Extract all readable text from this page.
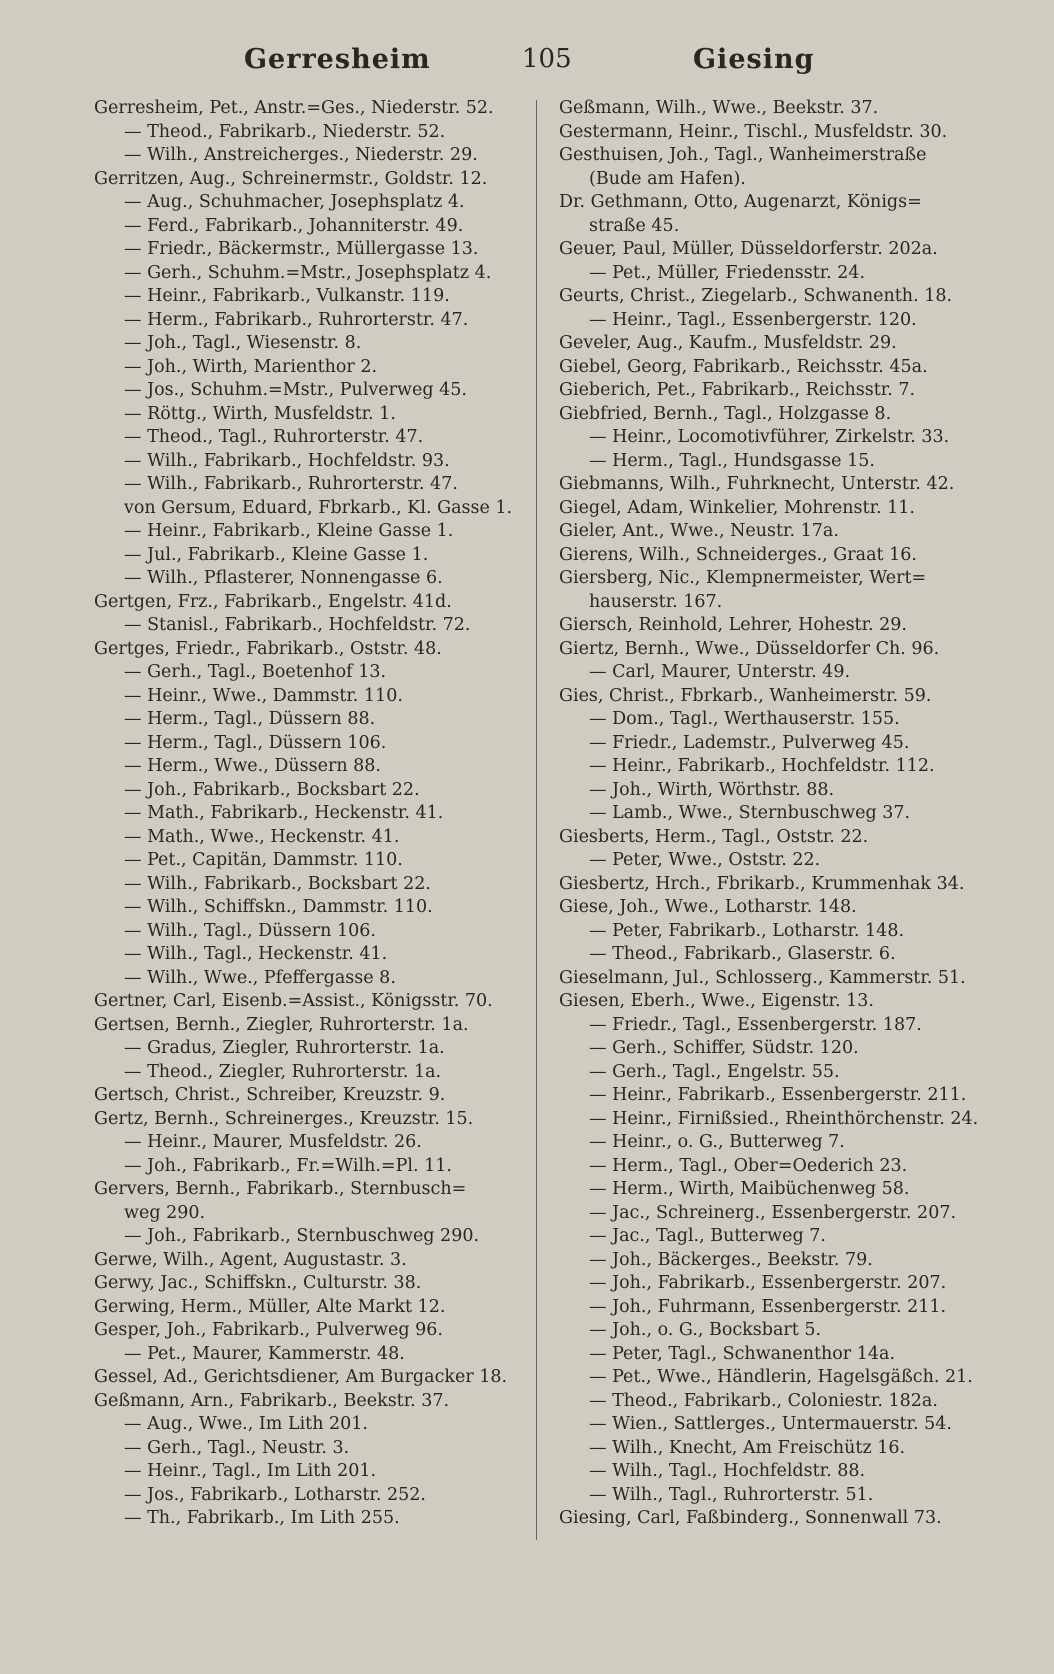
Gerresheim	105	Giesing
Gerresheim, Pet., Anstr.=Ges., Niederstr. 52.
— Theod., Fabrikarb., Niederstr. 52.
— Wilh., Anstreicherges., Niederstr. 29.
Gerritzen, Aug., Schreinermstr., Goldstr. 12.
— Aug., Schuhmacher, Josephsplatz 4.
— Ferd., Fabrikarb., Johanniterstr. 49.
— Friedr., Bäckermstr., Müllergasse 13.
— Gerh., Schuhm.=Mstr., Josephsplatz 4.
— Heinr., Fabrikarb., Vulkanstr. 119.
— Herm., Fabrikarb., Ruhrorterstr. 47.
— Joh., Tagl., Wiesenstr. 8.
— Joh., Wirth, Marienthor 2.
— Jos., Schuhm.=Mstr., Pulverweg 45.
— Röttg., Wirth, Musfeldstr. 1.
— Theod., Tagl., Ruhrorterstr. 47.
— Wilh., Fabrikarb., Hochfeldstr. 93.
— Wilh., Fabrikarb., Ruhrorterstr. 47.
von Gersum, Eduard, Fbrkarb., Kl. Gasse 1.
— Heinr., Fabrikarb., Kleine Gasse 1.
— Jul., Fabrikarb., Kleine Gasse 1.
— Wilh., Pflasterer, Nonnengasse 6.
Gertgen, Frz., Fabrikarb., Engelstr. 41d.
— Stanisl., Fabrikarb., Hochfeldstr. 72.
Gertges, Friedr., Fabrikarb., Oststr. 48.
— Gerh., Tagl., Boetenhof 13.
— Heinr., Wwe., Dammstr. 110.
— Herm., Tagl., Düssern 88.
— Herm., Tagl., Düssern 106.
— Herm., Wwe., Düssern 88.
— Joh., Fabrikarb., Bocksbart 22.
— Math., Fabrikarb., Heckenstr. 41.
— Math., Wwe., Heckenstr. 41.
— Pet., Capitän, Dammstr. 110.
— Wilh., Fabrikarb., Bocksbart 22.
— Wilh., Schiffskn., Dammstr. 110.
— Wilh., Tagl., Düssern 106.
— Wilh., Tagl., Heckenstr. 41.
— Wilh., Wwe., Pfeffergasse 8.
Gertner, Carl, Eisenb.=Assist., Königsstr. 70.
Gertsen, Bernh., Ziegler, Ruhrorterstr. 1a.
— Gradus, Ziegler, Ruhrorterstr. 1a.
— Theod., Ziegler, Ruhrorterstr. 1a.
Gertsch, Christ., Schreiber, Kreuzstr. 9.
Gertz, Bernh., Schreinerges., Kreuzstr. 15.
— Heinr., Maurer, Musfeldstr. 26.
— Joh., Fabrikarb., Fr.=Wilh.=Pl. 11.
Gervers, Bernh., Fabrikarb., Sternbusch=
weg 290.
— Joh., Fabrikarb., Sternbuschweg 290.
Gerwe, Wilh., Agent, Augustastr. 3.
Gerwy, Jac., Schiffskn., Culturstr. 38.
Gerwing, Herm., Müller, Alte Markt 12.
Gesper, Joh., Fabrikarb., Pulverweg 96.
— Pet., Maurer, Kammerstr. 48.
Gessel, Ad., Gerichtsdiener, Am Burgacker 18.
Geßmann, Arn., Fabrikarb., Beekstr. 37.
— Aug., Wwe., Im Lith 201.
— Gerh., Tagl., Neustr. 3.
— Heinr., Tagl., Im Lith 201.
— Jos., Fabrikarb., Lotharstr. 252.
— Th., Fabrikarb., Im Lith 255.
Geßmann, Wilh., Wwe., Beekstr. 37.
Gestermann, Heinr., Tischl., Musfeldstr. 30.
Gesthuisen, Joh., Tagl., Wanheimerstraße
(Bude am Hafen).
Dr. Gethmann, Otto, Augenarzt, Königs=
straße 45.
Geuer, Paul, Müller, Düsseldorferstr. 202a.
— Pet., Müller, Friedensstr. 24.
Geurts, Christ., Ziegelarb., Schwanenth. 18.
— Heinr., Tagl., Essenbergerstr. 120.
Geveler, Aug., Kaufm., Musfeldstr. 29.
Giebel, Georg, Fabrikarb., Reichsstr. 45a.
Gieberich, Pet., Fabrikarb., Reichsstr. 7.
Giebfried, Bernh., Tagl., Holzgasse 8.
— Heinr., Locomotivführer, Zirkelstr. 33.
— Herm., Tagl., Hundsgasse 15.
Giebmanns, Wilh., Fuhrknecht, Unterstr. 42.
Giegel, Adam, Winkelier, Mohrenstr. 11.
Gieler, Ant., Wwe., Neustr. 17a.
Gierens, Wilh., Schneiderges., Graat 16.
Giersberg, Nic., Klempnermeister, Wert=
hauserstr. 167.
Giersch, Reinhold, Lehrer, Hohestr. 29.
Giertz, Bernh., Wwe., Düsseldorfer Ch. 96.
— Carl, Maurer, Unterstr. 49.
Gies, Christ., Fbrkarb., Wanheimerstr. 59.
— Dom., Tagl., Werthauserstr. 155.
— Friedr., Lademstr., Pulverweg 45.
— Heinr., Fabrikarb., Hochfeldstr. 112.
— Joh., Wirth, Wörthstr. 88.
— Lamb., Wwe., Sternbuschweg 37.
Giesberts, Herm., Tagl., Oststr. 22.
— Peter, Wwe., Oststr. 22.
Giesbertz, Hrch., Fbrikarb., Krummenhak 34.
Giese, Joh., Wwe., Lotharstr. 148.
— Peter, Fabrikarb., Lotharstr. 148.
— Theod., Fabrikarb., Glaserstr. 6.
Gieselmann, Jul., Schlosserg., Kammerstr. 51.
Giesen, Eberh., Wwe., Eigenstr. 13.
— Friedr., Tagl., Essenbergerstr. 187.
— Gerh., Schiffer, Südstr. 120.
— Gerh., Tagl., Engelstr. 55.
— Heinr., Fabrikarb., Essenbergerstr. 211.
— Heinr., Firnißsied., Rheinthörchenstr. 24.
— Heinr., o. G., Butterweg 7.
— Herm., Tagl., Ober=Oederich 23.
— Herm., Wirth, Maibüchenweg 58.
— Jac., Schreinerg., Essenbergerstr. 207.
— Jac., Tagl., Butterweg 7.
— Joh., Bäckerges., Beekstr. 79.
— Joh., Fabrikarb., Essenbergerstr. 207.
— Joh., Fuhrmann, Essenbergerstr. 211.
— Joh., o. G., Bocksbart 5.
— Peter, Tagl., Schwanenthor 14a.
— Pet., Wwe., Händlerin, Hagelsgäßch. 21.
— Theod., Fabrikarb., Coloniestr. 182a.
— Wien., Sattlerges., Untermauerstr. 54.
— Wilh., Knecht, Am Freischütz 16.
— Wilh., Tagl., Hochfeldstr. 88.
— Wilh., Tagl., Ruhrorterstr. 51.
Giesing, Carl, Faßbinderg., Sonnenwall 73.
